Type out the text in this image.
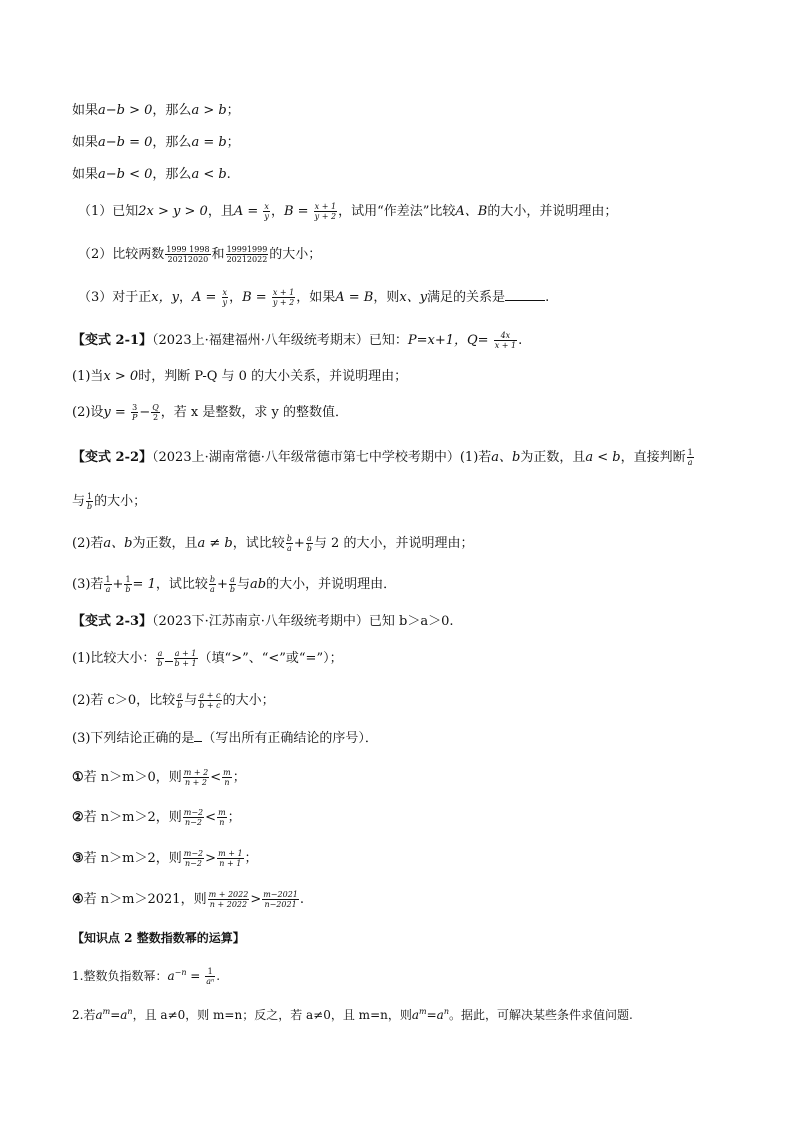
如果a−b > 0，那么a > b；
如果a−b = 0，那么a = b；
如果a−b < 0，那么a < b.
（1）已知2x > y > 0，且$A = \frac{x}{y}$ ，$B = \frac{x + 1}{y + 2}$ ，试用“作差法”比较A、B的大小，并说明理由；
（2）比较两数 $\frac{1999 1998}{20212020}$ 和 $\frac{19991999}{20212022}$ 的大小；
（3）对于正x，y，$A = \frac{x}{y}$ ，$B = \frac{x + 1}{y + 2}$ ，如果A = B，则x、y满足的关系是	.
【变式 2-1】（2023上·福建福州·八年级统考期末）已知：P=x+1，$Q= \frac{4x}{x + 1}$ .
(1)当x > 0时，判断 P-Q 与 0 的大小关系，并说明理由；
(2)设$y = \frac{3}{P} - \frac{Q}{2}$ ，若 x 是整数，求 y 的整数值．
【变式 2-2】（2023上·湖南常德·八年级常德市第七中学校考期中）(1)若a、b为正数，且a < b，直接判断 $\frac{1}{a}$
与 $\frac{1}{b}$ 的大小；
(2)若a、b为正数，且a ≠ b，试比较 $\frac{b}{a} + \frac{a}{b}$ 与 2 的大小，并说明理由；
(3)若 $\frac{1}{a} + \frac{1}{b} = 1$，试比较 $\frac{b}{a} + \frac{a}{b}$ 与ab的大小，并说明理由．
【变式 2-3】（2023下·江苏南京·八年级统考期中）已知 b＞a＞0.
(1)比较大小： $\frac{a}{b} \frac{a + 1}{b + 1}$ （填“>”、“<”或“=”）；
(2)若 c＞0，比较 $\frac{a}{b}$ 与 $\frac{a + c}{b + c}$ 的大小；
(3)下列结论正确的是 （写出所有正确结论的序号）．
①若 n＞m＞0，则 $\frac{m + 2}{n + 2} < \frac{m}{n}$ ；
②若 n＞m＞2，则 $\frac{m-2}{n-2} < \frac{m}{n}$ ；
③若 n＞m＞2，则 $\frac{m-2}{n-2} > \frac{m + 1}{n + 1}$ ；
④若 n＞m＞2021，则 $\frac{m + 2022}{n + 2022} > \frac{m-2021}{n-2021}$ .
【知识点 2 整数指数幂的运算】
1.整数负指数幂：$a^{-n} = \frac{1}{\text{aⁿ}}$ .
2.若$a^m=a^n$，且 a≠0，则 m=n；反之，若 a≠0，且 m=n，则$a^m=a^n$。据此，可解决某些条件求值问题.
